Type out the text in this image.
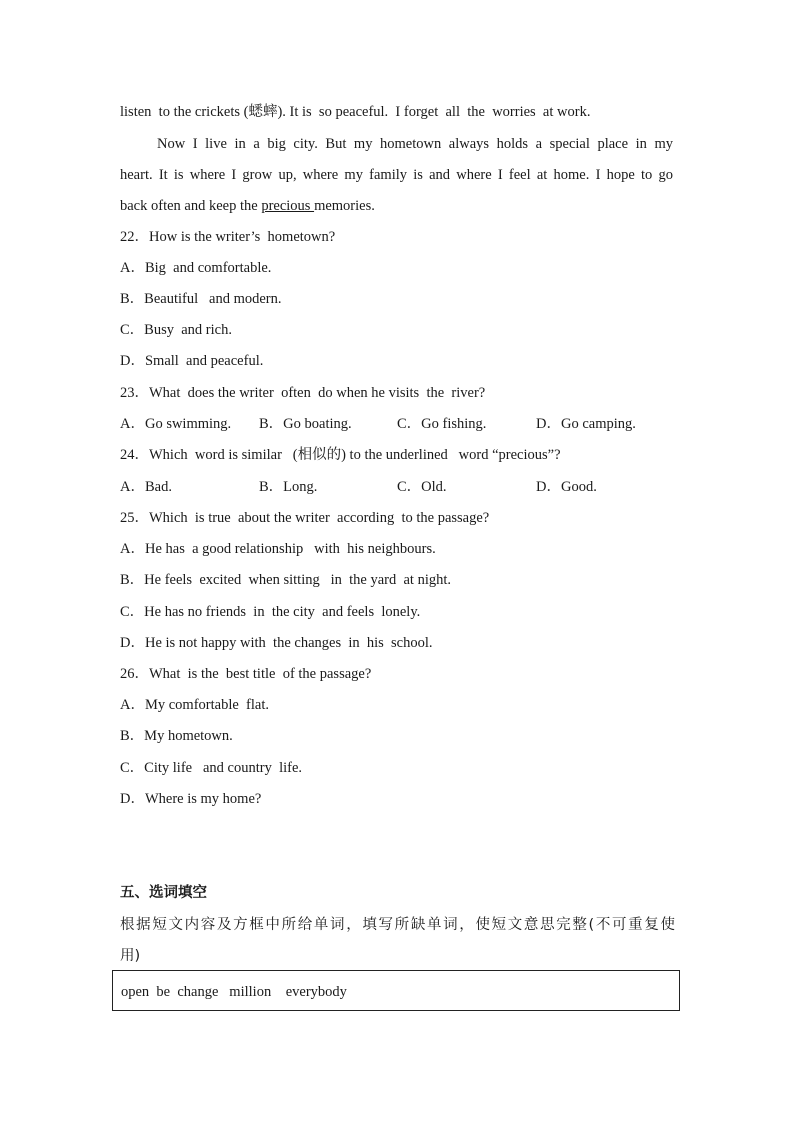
listen  to the crickets (蟋蟀). It is  so peaceful.  I forget  all  the  worries  at work.
Now I live in a big city. But my hometown always holds a special place in my
heart. It is where I grow up, where my family is and where I feel at home. I hope to go
back often and keep the precious memories.
22．How is the writer’s  hometown?
A．Big  and comfortable.
B．Beautiful   and modern.
C．Busy  and rich.
D．Small  and peaceful.
23．What  does the writer  often  do when he visits  the  river?

A．Go swimming.

B．Go boating.

	C．Go fishing.

	D．Go camping.

24．Which  word is similar   (相似的) to the underlined   word “precious”?

A．Bad.

	B．Long.

	C．Old.

	D．Good.

25．Which  is true  about the writer  according  to the passage?
A．He has  a good relationship   with  his neighbours.
B．He feels  excited  when sitting   in  the yard  at night.
C．He has no friends  in  the city  and feels  lonely.
D．He is not happy with  the changes  in  his  school.
26．What  is the  best title  of the passage?
A．My comfortable  flat.
B．My hometown.
C．City life   and country  life.
D．Where is my home?
五、选词填空
根据短文内容及方框中所给单词，填写所缺单词，使短文意思完整(不可重复使
用)
open  be  change   million    everybody
